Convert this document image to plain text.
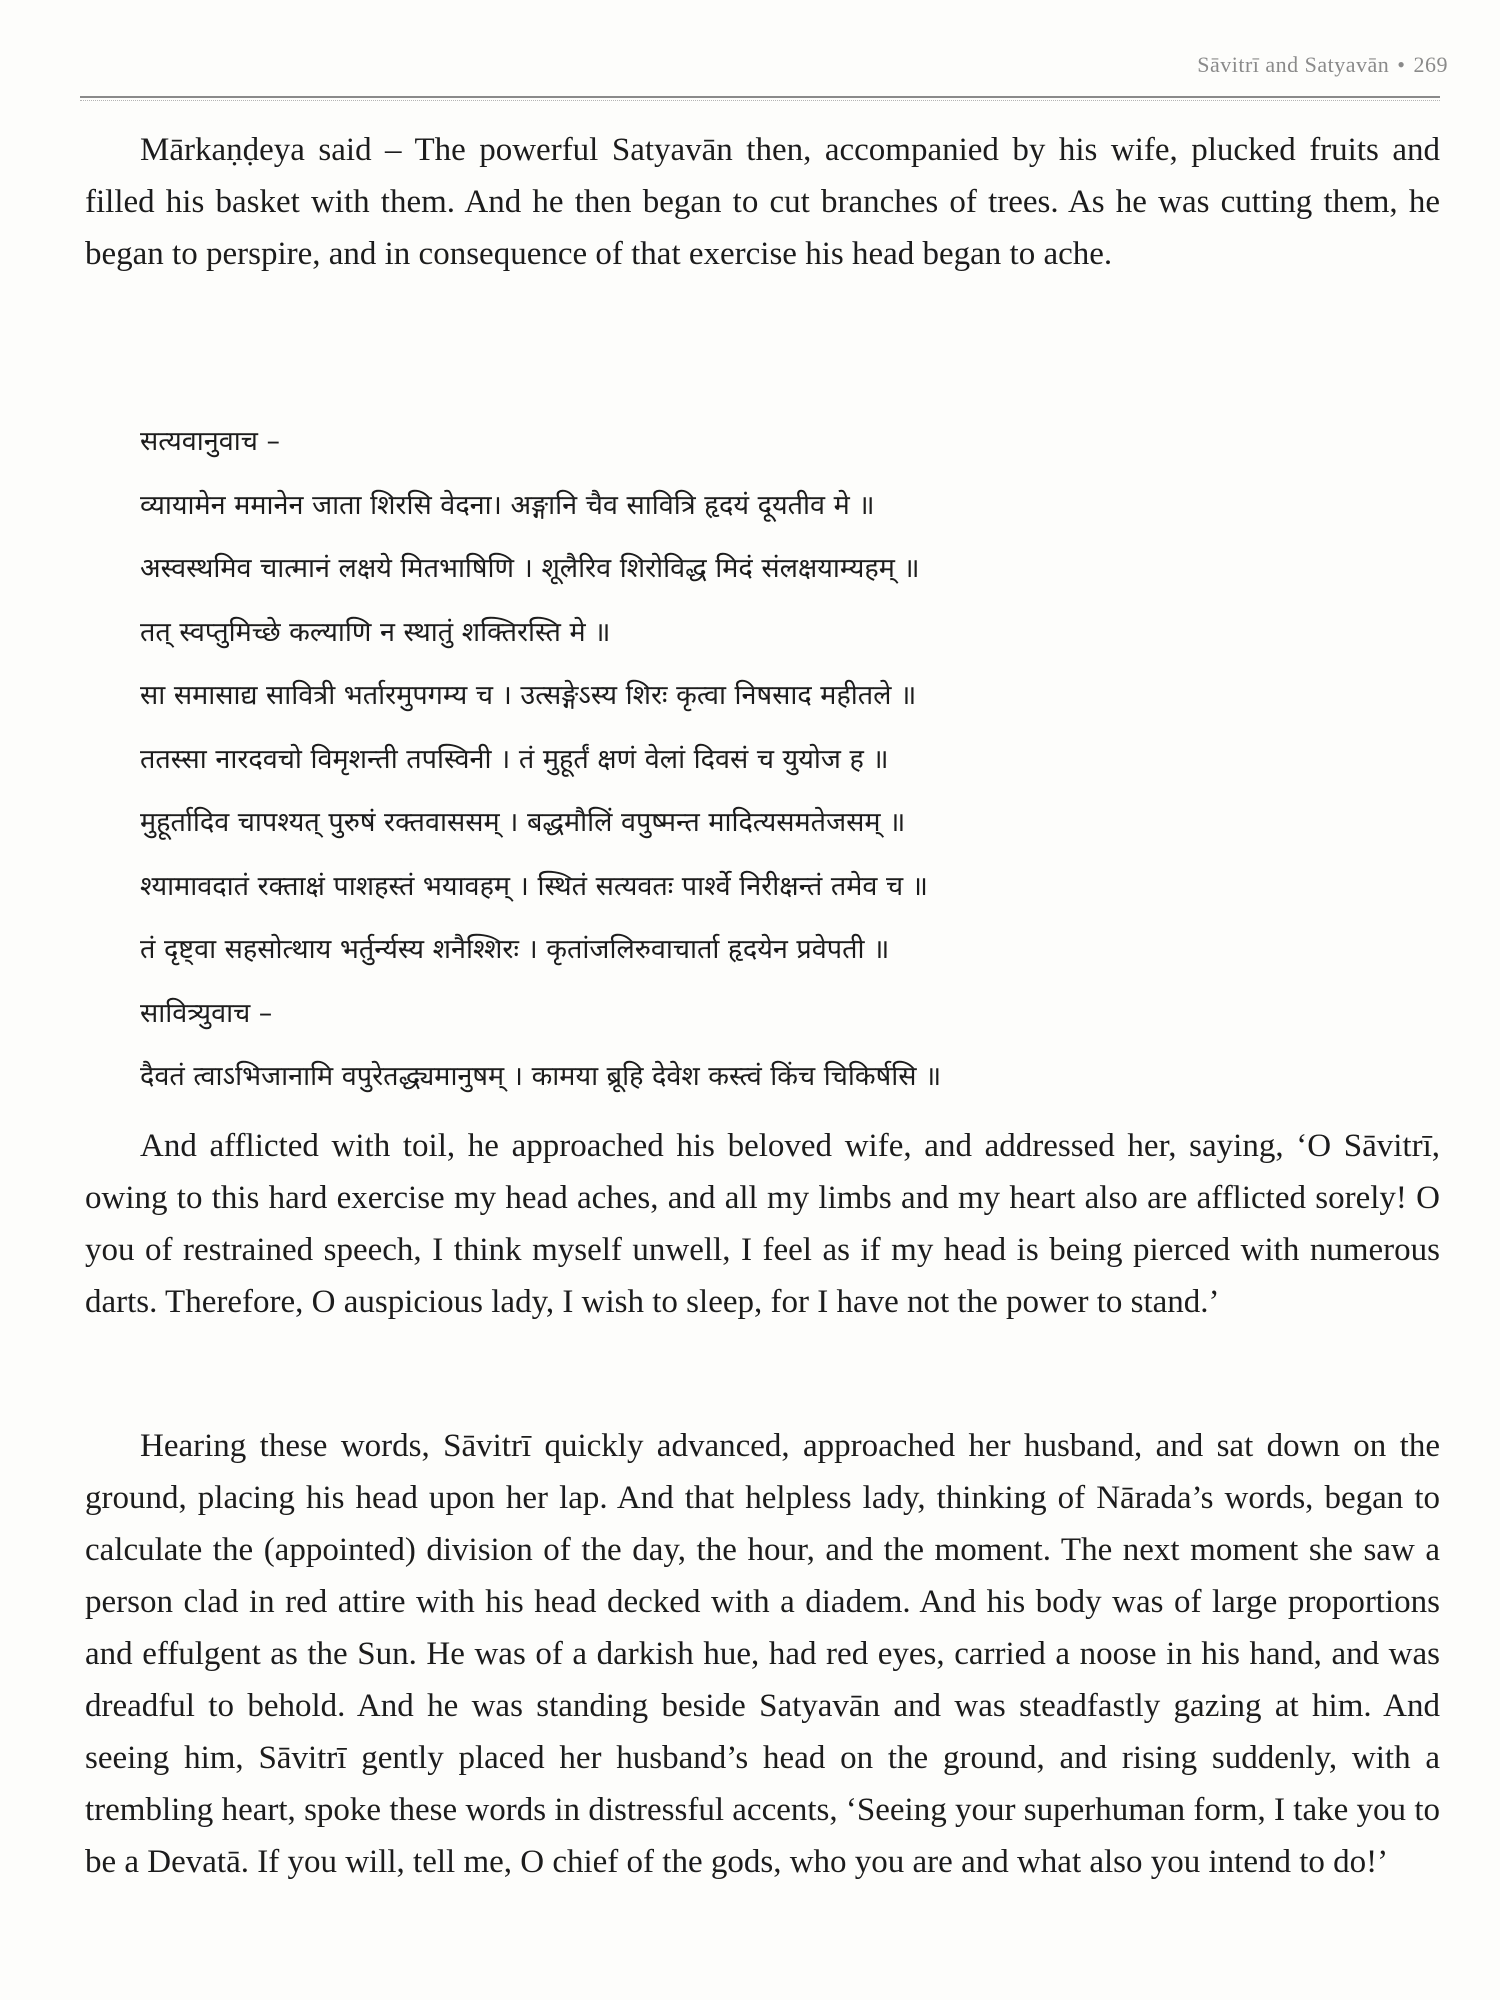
Sāvitrī and Satyavān • 269

Mārkaṇḍeya said – The powerful Satyavān then, accompanied by his wife, plucked fruits and filled his basket with them. And he then began to cut branches of trees. As he was cutting them, he began to perspire, and in consequence of that exercise his head began to ache.

सत्यवानुवाच –
व्यायामेन ममानेन जाता शिरसि वेदना। अङ्गानि चैव सावित्रि हृदयं दूयतीव मे ॥
अस्वस्थमिव चात्मानं लक्षये मितभाषिणि । शूलैरिव शिरोविद्ध मिदं संलक्षयाम्यहम् ॥
तत् स्वप्तुमिच्छे कल्याणि न स्थातुं शक्तिरस्ति मे ॥
सा समासाद्य सावित्री भर्तारमुपगम्य च । उत्सङ्गेऽस्य शिरः कृत्वा निषसाद महीतले ॥
ततस्सा नारदवचो विमृशन्ती तपस्विनी । तं मुहूर्तं क्षणं वेलां दिवसं च युयोज ह ॥
मुहूर्तादिव चापश्यत् पुरुषं रक्तवाससम् । बद्धमौलिं वपुष्मन्त मादित्यसमतेजसम् ॥
श्यामावदातं रक्ताक्षं पाशहस्तं भयावहम् । स्थितं सत्यवतः पार्श्वे निरीक्षन्तं तमेव च ॥
तं दृष्ट्वा सहसोत्थाय भर्तुर्न्यस्य शनैश्शिरः । कृतांजलिरुवाचार्ता हृदयेन प्रवेपती ॥
सावित्र्युवाच –
दैवतं त्वाऽभिजानामि वपुरेतद्ध्यमानुषम् । कामया ब्रूहि देवेश कस्त्वं किंच चिकिर्षसि ॥

And afflicted with toil, he approached his beloved wife, and addressed her, saying, ‘O Sāvitrī, owing to this hard exercise my head aches, and all my limbs and my heart also are afflicted sorely! O you of restrained speech, I think myself unwell, I feel as if my head is being pierced with numerous darts. Therefore, O auspicious lady, I wish to sleep, for I have not the power to stand.’

Hearing these words, Sāvitrī quickly advanced, approached her husband, and sat down on the ground, placing his head upon her lap. And that helpless lady, thinking of Nārada’s words, began to calculate the (appointed) division of the day, the hour, and the moment. The next moment she saw a person clad in red attire with his head decked with a diadem. And his body was of large proportions and effulgent as the Sun. He was of a darkish hue, had red eyes, carried a noose in his hand, and was dreadful to behold. And he was standing beside Satyavān and was steadfastly gazing at him. And seeing him, Sāvitrī gently placed her husband’s head on the ground, and rising suddenly, with a trembling heart, spoke these words in distressful accents, ‘Seeing your superhuman form, I take you to be a Devatā. If you will, tell me, O chief of the gods, who you are and what also you intend to do!’
